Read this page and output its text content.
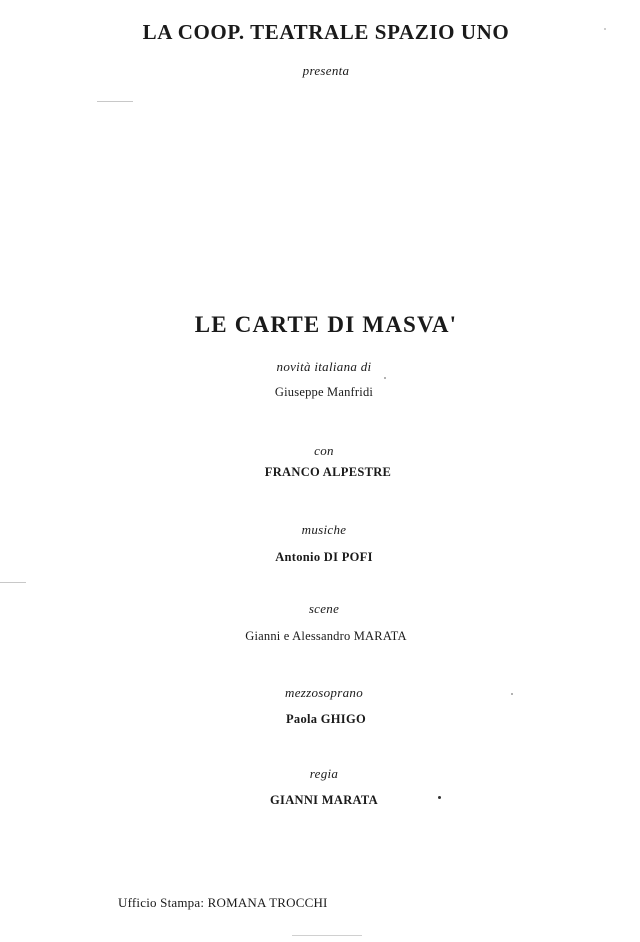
LA COOP. TEATRALE SPAZIO UNO
presenta
LE CARTE DI MASVA'
novità italiana di
Giuseppe Manfridi
con
FRANCO ALPESTRE
musiche
Antonio DI POFI
scene
Gianni e Alessandro MARATA
mezzosoprano
Paola GHIGO
regia
GIANNI MARATA
Ufficio Stampa: ROMANA TROCCHI
